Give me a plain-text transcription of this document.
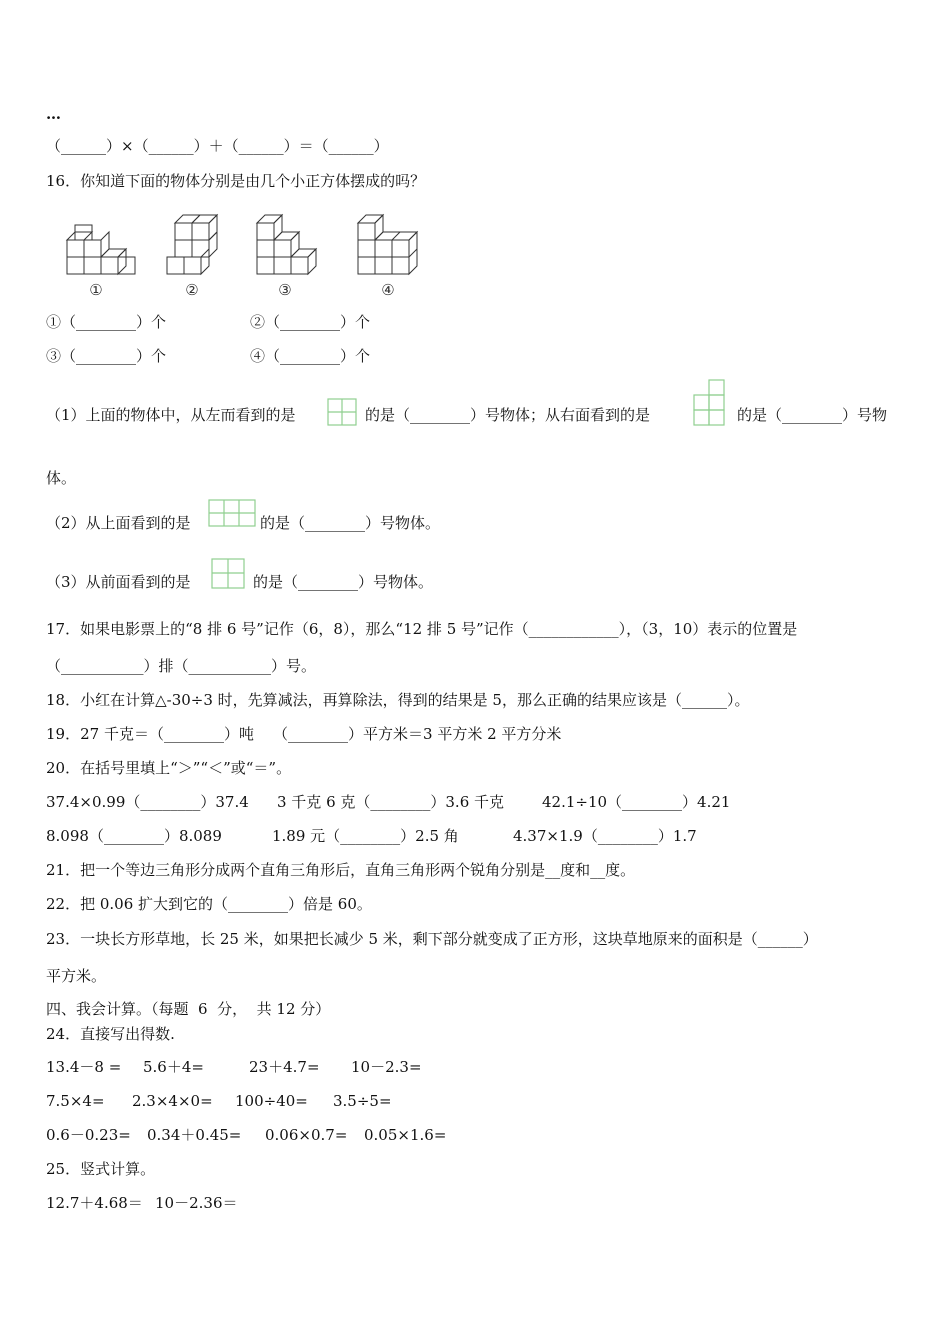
…
（______）×（______）＋（______）＝（______）
16．你知道下面的物体分别是由几个小正方体摆成的吗？
①	②	③	④
①（________）个	②（________）个
③（________）个	④（________）个
（1）上面的物体中，从左而看到的是	的是（________）号物体；从右面看到的是	的是（________）号物
体。
（2）从上面看到的是	的是（________）号物体。
（3）从前面看到的是	的是（________）号物体。
17．如果电影票上的“8 排 6 号”记作（6，8），那么“12 排 5 号”记作（____________），（3，10）表示的位置是
（___________）排（___________）号。
18．小红在计算△-30÷3 时，先算减法，再算除法，得到的结果是 5，那么正确的结果应该是（______）。
19．27 千克＝（________）吨    （________）平方米＝3 平方米 2 平方分米
20．在括号里填上“＞”“＜”或“＝”。

37.4×0.99（________）37.4

3 千克 6 克（________）3.6 千克

	42.1÷10（________）4.21

8.098（________）8.089

	1.89 元（________）2.5 角

	4.37×1.9（________）1.7

21．把一个等边三角形分成两个直角三角形后，直角三角形两个锐角分别是__度和__度。
22．把 0.06 扩大到它的（________）倍是 60。
23．一块长方形草地，长 25 米，如果把长减少 5 米，剩下部分就变成了正方形，这块草地原来的面积是（______）
平方米。
四、我会计算。（每题  6  分，  共 12 分）
24．直接写出得数.

13.4－8 =

5.6＋4=

	23＋4.7=

10－2.3=

7.5×4=

2.3×4×0=

100÷40=

3.5÷5=

0.6－0.23=

0.34＋0.45=

0.06×0.7=

0.05×1.6=

25．竖式计算。

12.7＋4.68＝

10－2.36＝
